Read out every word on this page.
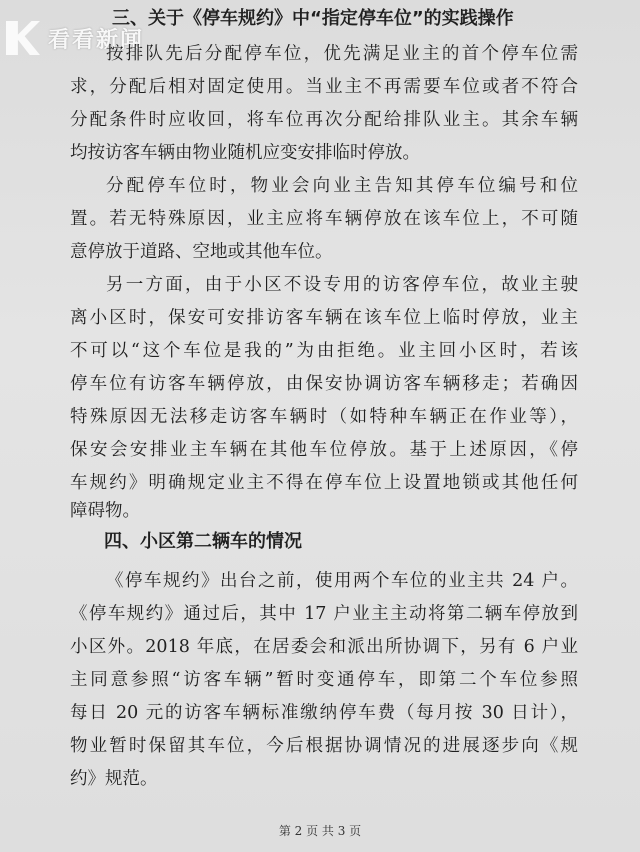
看看新闻
三、关于《停车规约》中“指定停车位”的实践操作
按排队先后分配停车位，优先满足业主的首个停车位需
求，分配后相对固定使用。当业主不再需要车位或者不符合
分配条件时应收回，将车位再次分配给排队业主。其余车辆
均按访客车辆由物业随机应变安排临时停放。
分配停车位时，物业会向业主告知其停车位编号和位
置。若无特殊原因，业主应将车辆停放在该车位上，不可随
意停放于道路、空地或其他车位。
另一方面，由于小区不设专用的访客停车位，故业主驶
离小区时，保安可安排访客车辆在该车位上临时停放，业主
不可以“这个车位是我的”为由拒绝。业主回小区时，若该
停车位有访客车辆停放，由保安协调访客车辆移走；若确因
特殊原因无法移走访客车辆时（如特种车辆正在作业等），
保安会安排业主车辆在其他车位停放。基于上述原因，《停
车规约》明确规定业主不得在停车位上设置地锁或其他任何
障碍物。
四、小区第二辆车的情况
《停车规约》出台之前，使用两个车位的业主共 24 户。
《停车规约》通过后，其中 17 户业主主动将第二辆车停放到
小区外。2018 年底，在居委会和派出所协调下，另有 6 户业
主同意参照“访客车辆”暂时变通停车，即第二个车位参照
每日 20 元的访客车辆标准缴纳停车费（每月按 30 日计），
物业暂时保留其车位，今后根据协调情况的进展逐步向《规
约》规范。
第 2 页 共 3 页
